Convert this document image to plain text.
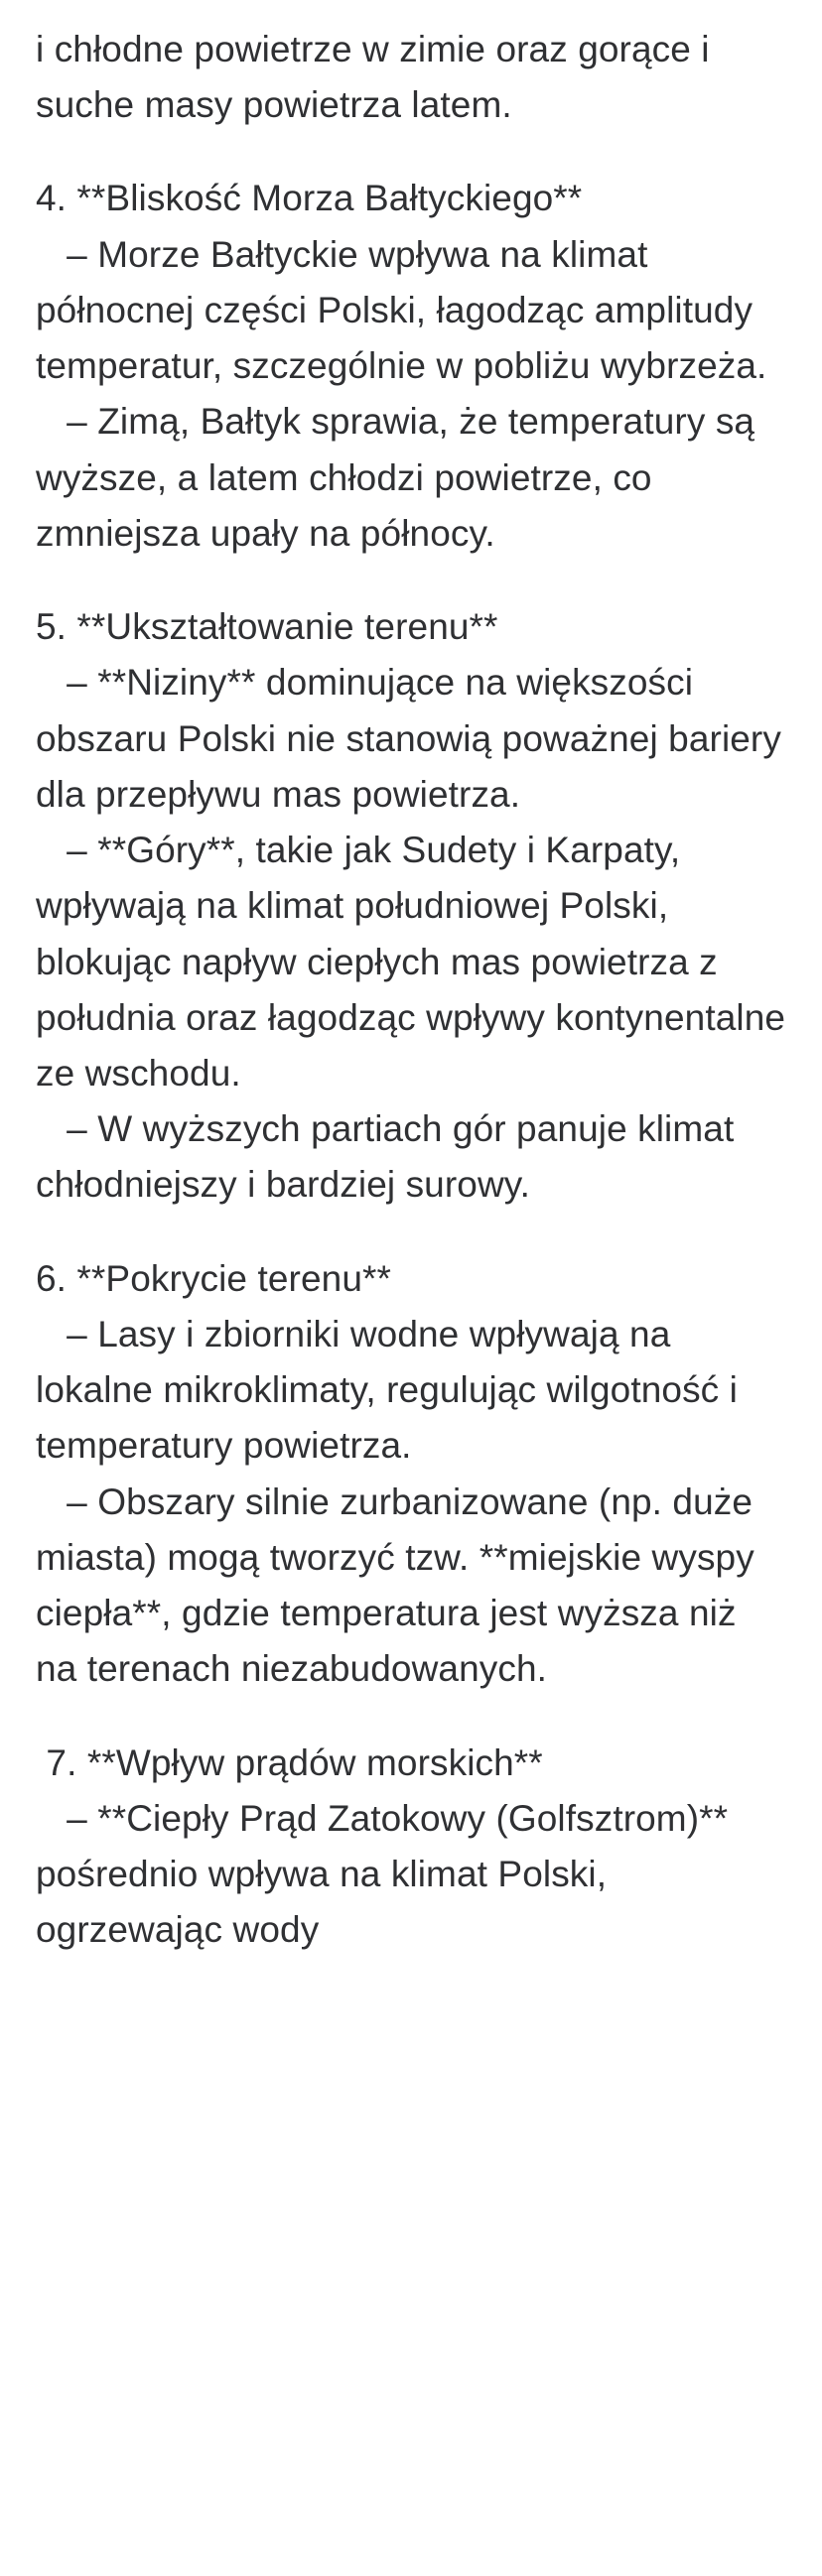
i chłodne powietrze w zimie oraz gorące i suche masy powietrza latem.

4. **Bliskość Morza Bałtyckiego**

– Morze Bałtyckie wpływa na klimat północnej części Polski, łagodząc amplitudy temperatur, szczególnie w pobliżu wybrzeża.

– Zimą, Bałtyk sprawia, że temperatury są wyższe, a latem chłodzi powietrze, co zmniejsza upały na północy.

5. **Ukształtowanie terenu**

– **Niziny** dominujące na większości obszaru Polski nie stanowią poważnej bariery dla przepływu mas powietrza.

– **Góry**, takie jak Sudety i Karpaty, wpływają na klimat południowej Polski, blokując napływ ciepłych mas powietrza z południa oraz łagodząc wpływy kontynentalne ze wschodu.

– W wyższych partiach gór panuje klimat chłodniejszy i bardziej surowy.

6. **Pokrycie terenu**

– Lasy i zbiorniki wodne wpływają na lokalne mikroklimaty, regulując wilgotność i temperatury powietrza.

– Obszary silnie zurbanizowane (np. duże miasta) mogą tworzyć tzw. **miejskie wyspy ciepła**, gdzie temperatura jest wyższa niż na terenach niezabudowanych.

7. **Wpływ prądów morskich**

– **Ciepły Prąd Zatokowy (Golfsztrom)** pośrednio wpływa na klimat Polski, ogrzewając wody
